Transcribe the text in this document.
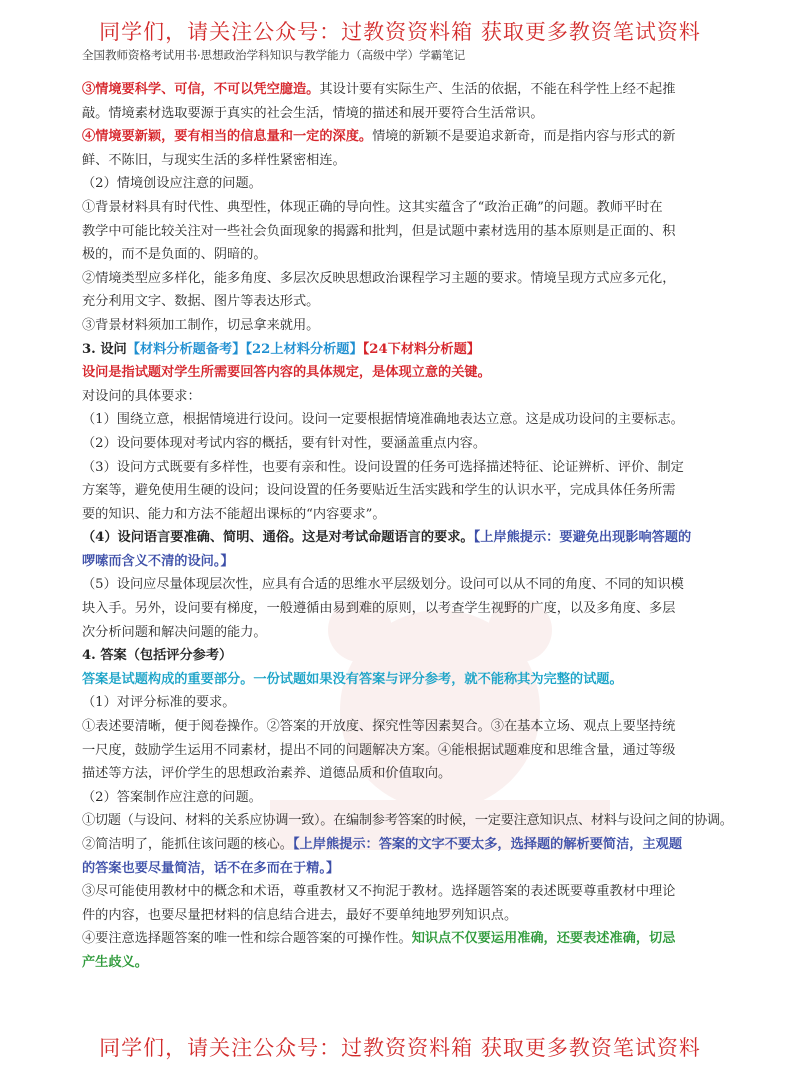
同学们，请关注公众号：过教资资料箱 获取更多教资笔试资料
全国教师资格考试用书·思想政治学科知识与教学能力（高级中学）学霸笔记

③情境要科学、可信，不可以凭空臆造。其设计要有实际生产、生活的依据，不能在科学性上经不起推

敲。情境素材选取要源于真实的社会生活，情境的描述和展开要符合生活常识。

④情境要新颖，要有相当的信息量和一定的深度。情境的新颖不是要追求新奇，而是指内容与形式的新

鲜、不陈旧，与现实生活的多样性紧密相连。

（2）情境创设应注意的问题。

①背景材料具有时代性、典型性，体现正确的导向性。这其实蕴含了“政治正确”的问题。教师平时在

教学中可能比较关注对一些社会负面现象的揭露和批判，但是试题中素材选用的基本原则是正面的、积

极的，而不是负面的、阴暗的。

②情境类型应多样化，能多角度、多层次反映思想政治课程学习主题的要求。情境呈现方式应多元化，

充分利用文字、数据、图片等表达形式。

③背景材料须加工制作，切忌拿来就用。

3. 设问【材料分析题备考】【22上材料分析题】【24下材料分析题】

设问是指试题对学生所需要回答内容的具体规定，是体现立意的关键。

对设问的具体要求：

（1）围绕立意，根据情境进行设问。设问一定要根据情境准确地表达立意。这是成功设问的主要标志。

（2）设问要体现对考试内容的概括，要有针对性，要涵盖重点内容。

（3）设问方式既要有多样性，也要有亲和性。设问设置的任务可选择描述特征、论证辨析、评价、制定

方案等，避免使用生硬的设问；设问设置的任务要贴近生活实践和学生的认识水平，完成具体任务所需

要的知识、能力和方法不能超出课标的“内容要求”。

（4）设问语言要准确、简明、通俗。这是对考试命题语言的要求。【上岸熊提示：要避免出现影响答题的

啰嗦而含义不清的设问。】

（5）设问应尽量体现层次性，应具有合适的思维水平层级划分。设问可以从不同的角度、不同的知识模

块入手。另外，设问要有梯度，一般遵循由易到难的原则，以考查学生视野的广度，以及多角度、多层

次分析问题和解决问题的能力。

4. 答案（包括评分参考）

答案是试题构成的重要部分。一份试题如果没有答案与评分参考，就不能称其为完整的试题。

（1）对评分标准的要求。

①表述要清晰，便于阅卷操作。②答案的开放度、探究性等因素契合。③在基本立场、观点上要坚持统

一尺度，鼓励学生运用不同素材，提出不同的问题解决方案。④能根据试题难度和思维含量，通过等级

描述等方法，评价学生的思想政治素养、道德品质和价值取向。

（2）答案制作应注意的问题。

①切题（与设问、材料的关系应协调一致）。在编制参考答案的时候，一定要注意知识点、材料与设问之间的协调。

②简洁明了，能抓住该问题的核心。【上岸熊提示：答案的文字不要太多，选择题的解析要简洁，主观题

的答案也要尽量简洁，话不在多而在于精。】

③尽可能使用教材中的概念和术语，尊重教材又不拘泥于教材。选择题答案的表述既要尊重教材中理论

件的内容，也要尽量把材料的信息结合进去，最好不要单纯地罗列知识点。

④要注意选择题答案的唯一性和综合题答案的可操作性。知识点不仅要运用准确，还要表述准确，切忌

产生歧义。

同学们，请关注公众号：过教资资料箱 获取更多教资笔试资料
